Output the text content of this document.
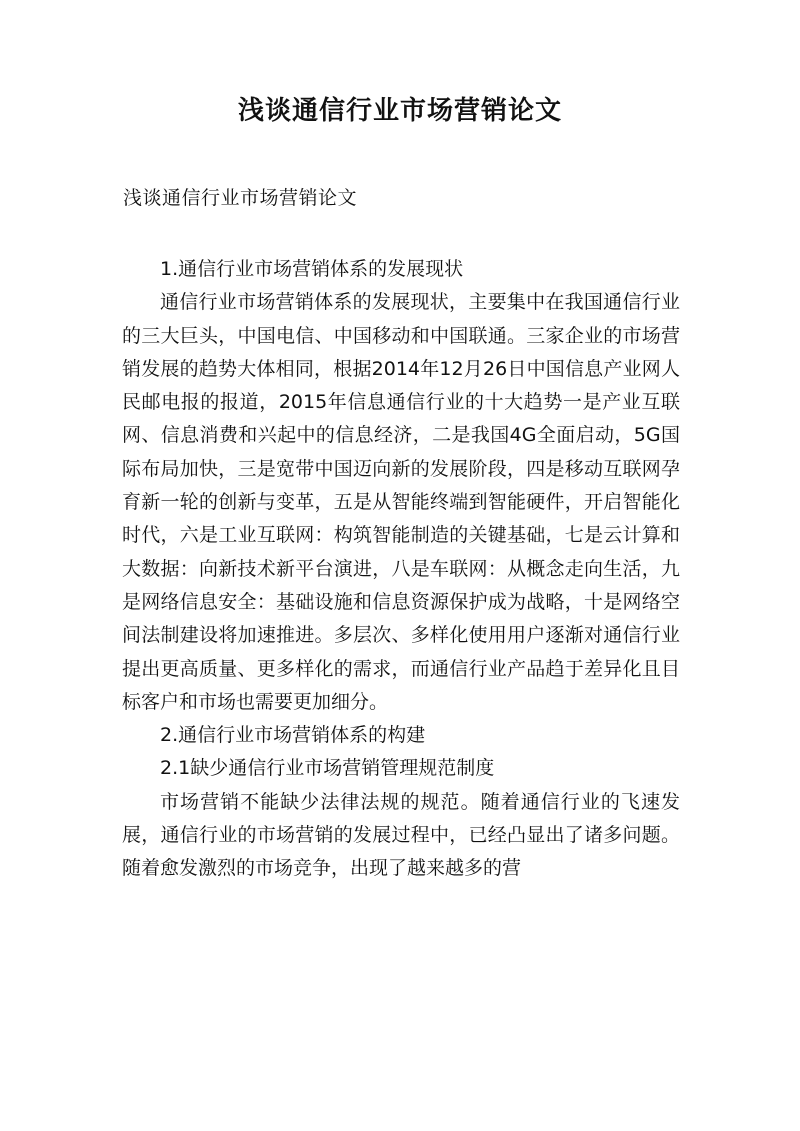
浅谈通信行业市场营销论文
浅谈通信行业市场营销论文

1.通信行业市场营销体系的发展现状

通信行业市场营销体系的发展现状，主要集中在我国通信行业的三大巨头，中国电信、中国移动和中国联通。三家企业的市场营销发展的趋势大体相同，根据2014年12月26日中国信息产业网人民邮电报的报道，2015年信息通信行业的十大趋势一是产业互联网、信息消费和兴起中的信息经济，二是我国4G全面启动，5G国际布局加快，三是宽带中国迈向新的发展阶段，四是移动互联网孕育新一轮的创新与变革，五是从智能终端到智能硬件，开启智能化时代，六是工业互联网：构筑智能制造的关键基础，七是云计算和大数据：向新技术新平台演进，八是车联网：从概念走向生活，九是网络信息安全：基础设施和信息资源保护成为战略，十是网络空间法制建设将加速推进。多层次、多样化使用用户逐渐对通信行业提出更高质量、更多样化的需求，而通信行业产品趋于差异化且目标客户和市场也需要更加细分。

2.通信行业市场营销体系的构建

2.1缺少通信行业市场营销管理规范制度

市场营销不能缺少法律法规的规范。随着通信行业的飞速发展，通信行业的市场营销的发展过程中，已经凸显出了诸多问题。随着愈发激烈的市场竞争，出现了越来越多的营
